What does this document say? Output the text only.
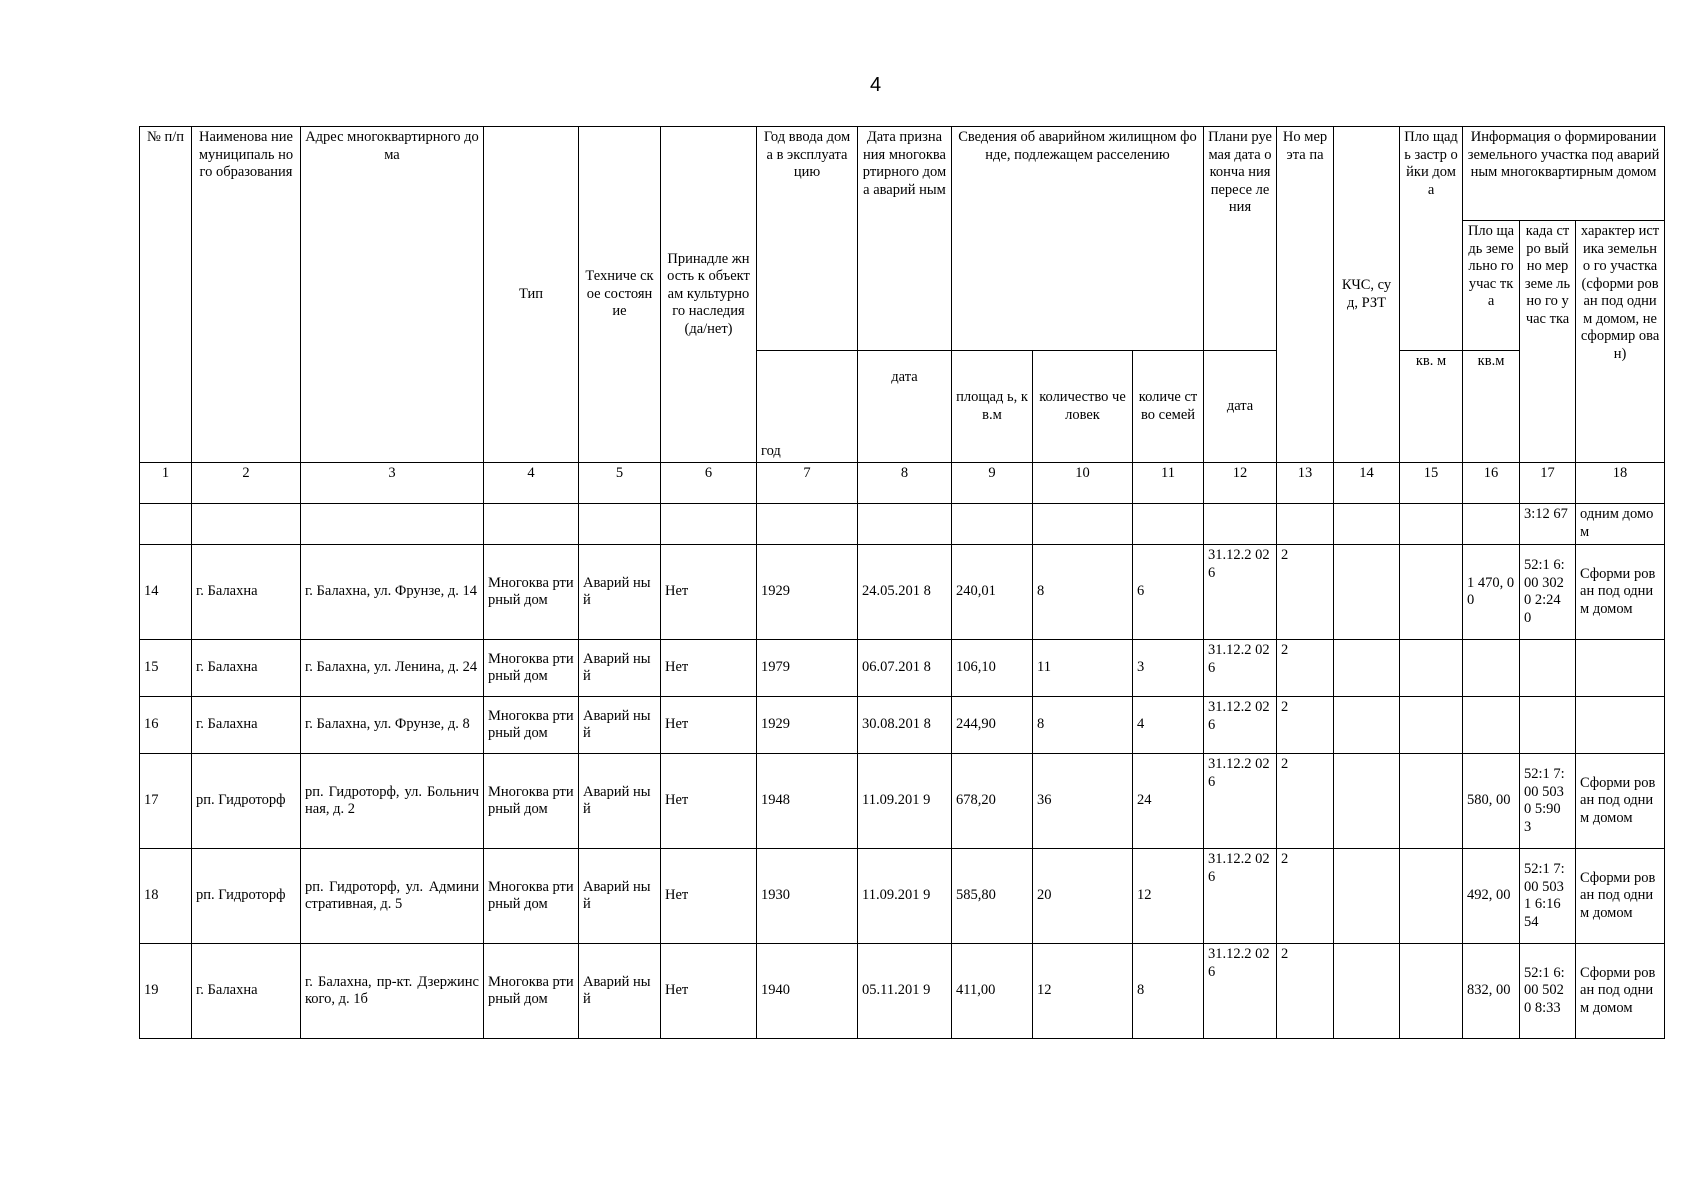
4
№ п/п	Наименова ние муниципаль ного образования	Адрес многоквартирного дома	Тип	Техниче ское состоян ие	Принадле жность к объектам культурно го наследия (да/нет)	Год ввода дома в эксплуата цию	Дата призна ния многоква ртирного дома аварий ным	Сведения об аварийном жилищном фонде, подлежащем расселению			Плани руемая дата оконча ния пересе ления	Но мер эта па	КЧС, суд, РЗТ	Пло щадь застр ойки дома	Информация о формировании земельного участка под аварийным многоквартирным домом		
															Пло щадь земе льно го учас тка	када стро вый но мер земе льно го учас тка	характер истика земельно го участка (сформи рован под одним домом, не сформир ован)
						год	дата	площад ь, кв.м	количество человек	количе ство семей	дата			кв. м	кв.м		
1	2	3	4	5	6	7	8	9	10	11	12	13	14	15	16	17	18
																3:12 67	одним домом
14	г. Балахна	г. Балахна, ул. Фрунзе, д. 14	Многоква ртирный дом	Аварий ный	Нет	1929	24.05.201 8	240,01	8	6	31.12.2 026	2			1 470, 00	52:1 6:00 3020 2:24 0	Сформи рован под одним домом
15	г. Балахна	г. Балахна, ул. Ленина, д. 24	Многоква ртирный дом	Аварий ный	Нет	1979	06.07.201 8	106,10	11	3	31.12.2 026	2					
16	г. Балахна	г. Балахна, ул. Фрунзе, д. 8	Многоква ртирный дом	Аварий ный	Нет	1929	30.08.201 8	244,90	8	4	31.12.2 026	2					
17	рп. Гидроторф	рп. Гидроторф, ул. Больничная, д. 2	Многоква ртирный дом	Аварий ный	Нет	1948	11.09.201 9	678,20	36	24	31.12.2 026	2			580, 00	52:1 7:00 5030 5:90 3	Сформи рован под одним домом
18	рп. Гидроторф	рп. Гидроторф, ул. Административная, д. 5	Многоква ртирный дом	Аварий ный	Нет	1930	11.09.201 9	585,80	20	12	31.12.2 026	2			492, 00	52:1 7:00 5031 6:16 54	Сформи рован под одним домом
19	г. Балахна	г. Балахна, пр-кт. Дзержинского, д. 1б	Многоква ртирный дом	Аварий ный	Нет	1940	05.11.201 9	411,00	12	8	31.12.2 026	2			832, 00	52:1 6:00 5020 8:33	Сформи рован под одним домом
